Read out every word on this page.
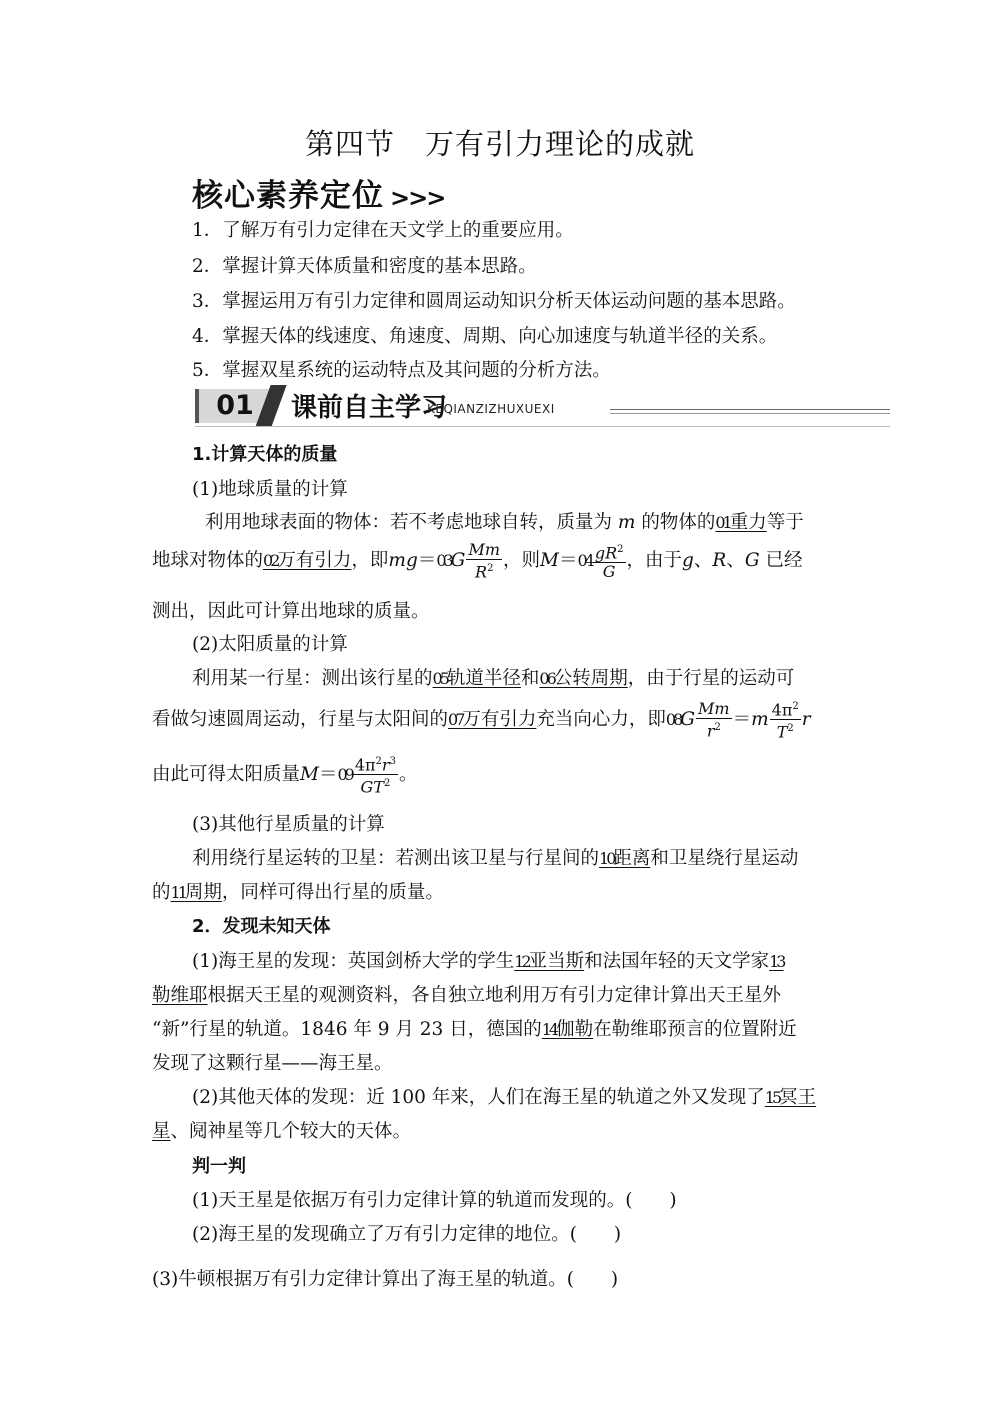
第四节　万有引力理论的成就
核心素养定位 >>>
1．了解万有引力定律在天文学上的重要应用。
2．掌握计算天体质量和密度的基本思路。
3．掌握运用万有引力定律和圆周运动知识分析天体运动问题的基本思路。
4．掌握天体的线速度、角速度、周期、向心加速度与轨道半径的关系。
5．掌握双星系统的运动特点及其问题的分析方法。
01	课前自主学习
KEQIANZIZHUXUEXI
1.计算天体的质量
(1)地球质量的计算
利用地球表面的物体：若不考虑地球自转，质量为 m 的物体的01重力等于
地球对物体的02万有引力，即$mg=03G \frac{Mm}{R^2}$ ，则$M=04 \frac{gR^2}{G}$ ，由于g、R、G 已经
测出，因此可计算出地球的质量。
(2)太阳质量的计算
利用某一行星：测出该行星的05轨道半径和06公转周期，由于行星的运动可
看做匀速圆周运动，行星与太阳间的07万有引力充当向心力，即$08G \frac{Mm}{r^2} =m \frac{4\pi^2}{T^2}$ r
由此可得太阳质量$M=09 \frac{4\pi^2r^3}{GT^2}$ 。
(3)其他行星质量的计算
利用绕行星运转的卫星：若测出该卫星与行星间的10距离和卫星绕行星运动
的11周期，同样可得出行星的质量。
2．发现未知天体
(1)海王星的发现：英国剑桥大学的学生12亚当斯和法国年轻的天文学家13
勒维耶根据天王星的观测资料，各自独立地利用万有引力定律计算出天王星外
“新”行星的轨道。1846 年 9 月 23 日，德国的14伽勒在勒维耶预言的位置附近
发现了这颗行星——海王星。
(2)其他天体的发现：近 100 年来，人们在海王星的轨道之外又发现了15冥王
星、阋神星等几个较大的天体。
判一判
(1)天王星是依据万有引力定律计算的轨道而发现的。(　　)
(2)海王星的发现确立了万有引力定律的地位。(　　)
(3)牛顿根据万有引力定律计算出了海王星的轨道。(　　)
